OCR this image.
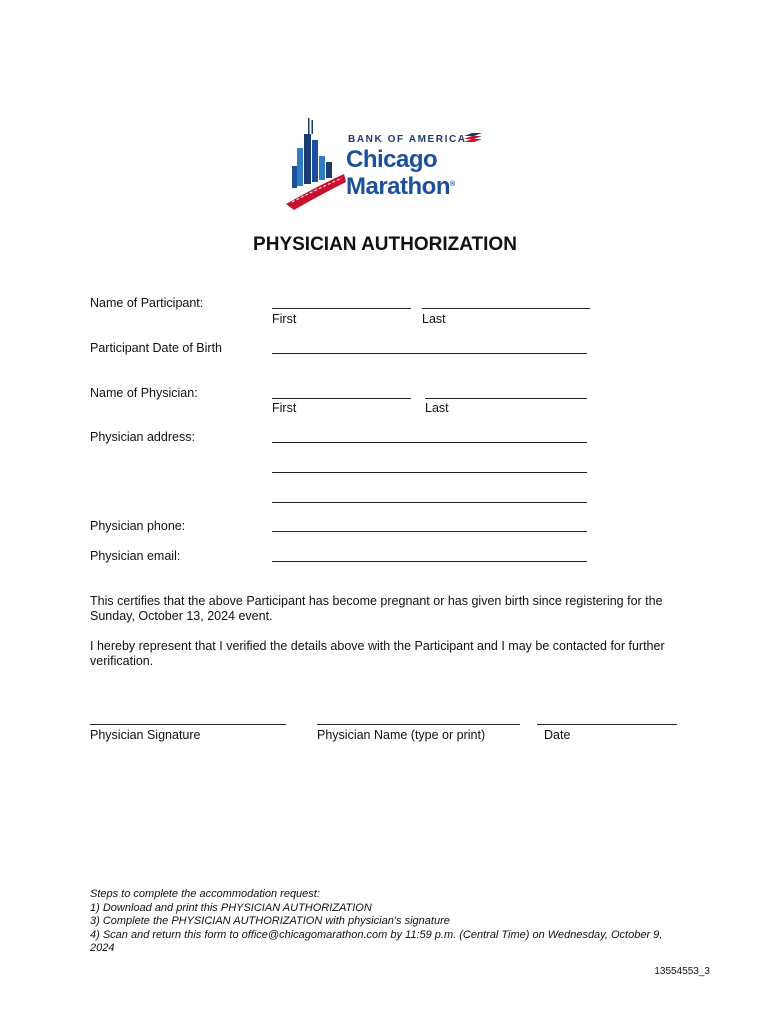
BANK OF AMERICA
Chicago
Marathon®
PHYSICIAN AUTHORIZATION
Name of Participant:
First	Last
Participant Date of Birth
Name of Physician:
First	Last
Physician address:
Physician phone:
Physician email:
This certifies that the above Participant has become pregnant or has given birth since registering for the
Sunday, October 13, 2024 event.
I hereby represent that I verified the details above with the Participant and I may be contacted for further
verification.
Physician Signature	Physician Name (type or print)	Date
Steps to complete the accommodation request:
1) Download and print this PHYSICIAN AUTHORIZATION
3) Complete the PHYSICIAN AUTHORIZATION with physician’s signature
4) Scan and return this form to office@chicagomarathon.com by 11:59 p.m. (Central Time) on Wednesday, October 9,
2024
13554553_3
